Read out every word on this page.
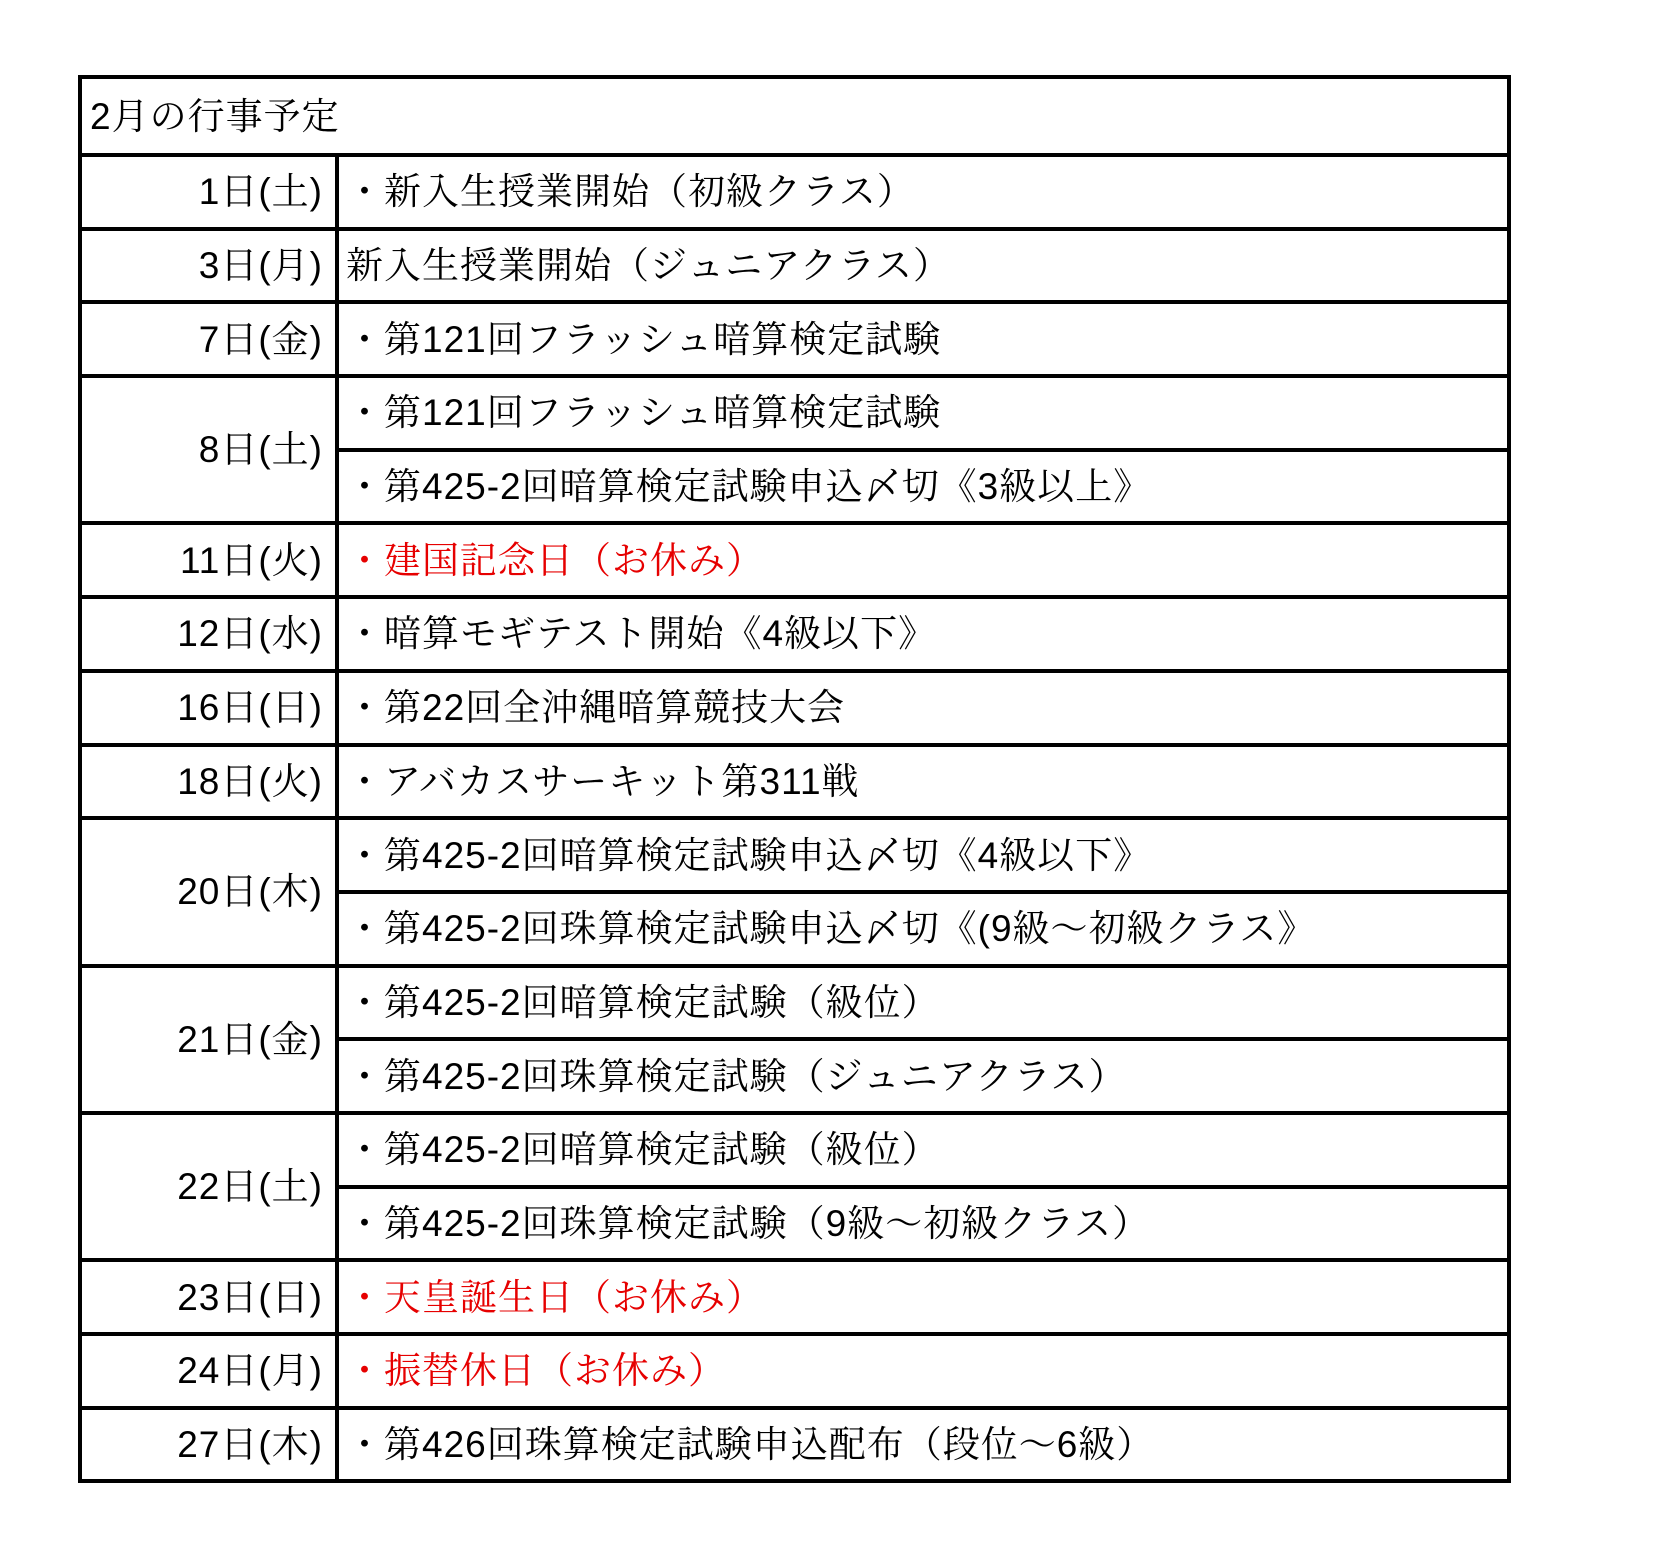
2月の行事予定	
1日(土)	・新入生授業開始（初級クラス）
3日(月)	新入生授業開始（ジュニアクラス）
7日(金)	・第121回フラッシュ暗算検定試験
8日(土)	・第121回フラッシュ暗算検定試験
	・第425-2回暗算検定試験申込〆切《3級以上》
11日(火)	・建国記念日（お休み）
12日(水)	・暗算モギテスト開始《4級以下》
16日(日)	・第22回全沖縄暗算競技大会
18日(火)	・アバカスサーキット第311戦
20日(木)	・第425-2回暗算検定試験申込〆切《4級以下》
	・第425-2回珠算検定試験申込〆切《(9級～初級クラス》
21日(金)	・第425-2回暗算検定試験（級位）
	・第425-2回珠算検定試験（ジュニアクラス）
22日(土)	・第425-2回暗算検定試験（級位）
	・第425-2回珠算検定試験（9級～初級クラス）
23日(日)	・天皇誕生日（お休み）
24日(月)	・振替休日（お休み）
27日(木)	・第426回珠算検定試験申込配布（段位～6級）
